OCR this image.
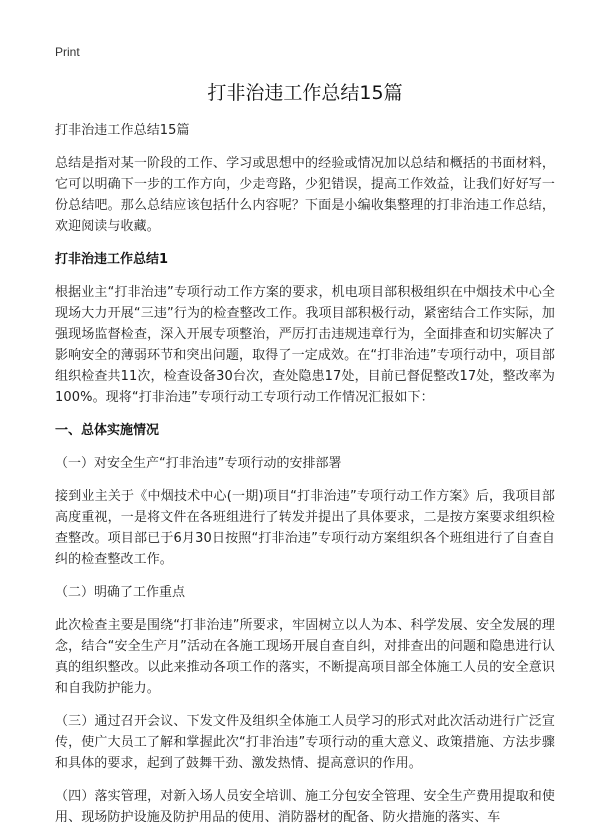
Print
打非治违工作总结15篇

打非治违工作总结15篇

总结是指对某一阶段的工作、学习或思想中的经验或情况加以总结和概括的书面材料，它可以明确下一步的工作方向，少走弯路，少犯错误，提高工作效益，让我们好好写一份总结吧。那么总结应该包括什么内容呢？下面是小编收集整理的打非治违工作总结，欢迎阅读与收藏。

打非治违工作总结1

根据业主“打非治违”专项行动工作方案的要求，机电项目部积极组织在中烟技术中心全现场大力开展“三违”行为的检查整改工作。我项目部积极行动，紧密结合工作实际，加强现场监督检查，深入开展专项整治，严厉打击违规违章行为，全面排查和切实解决了影响安全的薄弱环节和突出问题，取得了一定成效。在“打非治违”专项行动中，项目部组织检查共11次，检查设备30台次，查处隐患17处，目前已督促整改17处，整改率为100%。现将“打非治违”专项行动工专项行动工作情况汇报如下：

一、总体实施情况

（一）对安全生产“打非治违”专项行动的安排部署

接到业主关于《中烟技术中心(一期)项目“打非治违”专项行动工作方案》后，我项目部高度重视，一是将文件在各班组进行了转发并提出了具体要求，二是按方案要求组织检查整改。项目部已于6月30日按照“打非治违”专项行动方案组织各个班组进行了自查自纠的检查整改工作。

（二）明确了工作重点

此次检查主要是围绕“打非治违”所要求，牢固树立以人为本、科学发展、安全发展的理念，结合“安全生产月”活动在各施工现场开展自查自纠，对排查出的问题和隐患进行认真的组织整改。以此来推动各项工作的落实，不断提高项目部全体施工人员的安全意识和自我防护能力。

（三）通过召开会议、下发文件及组织全体施工人员学习的形式对此次活动进行广泛宣传，使广大员工了解和掌握此次“打非治违”专项行动的重大意义、政策措施、方法步骤和具体的要求，起到了鼓舞干劲、激发热情、提高意识的作用。

（四）落实管理，对新入场人员安全培训、施工分包安全管理、安全生产费用提取和使用、现场防护设施及防护用品的使用、消防器材的配备、防火措施的落实、车
